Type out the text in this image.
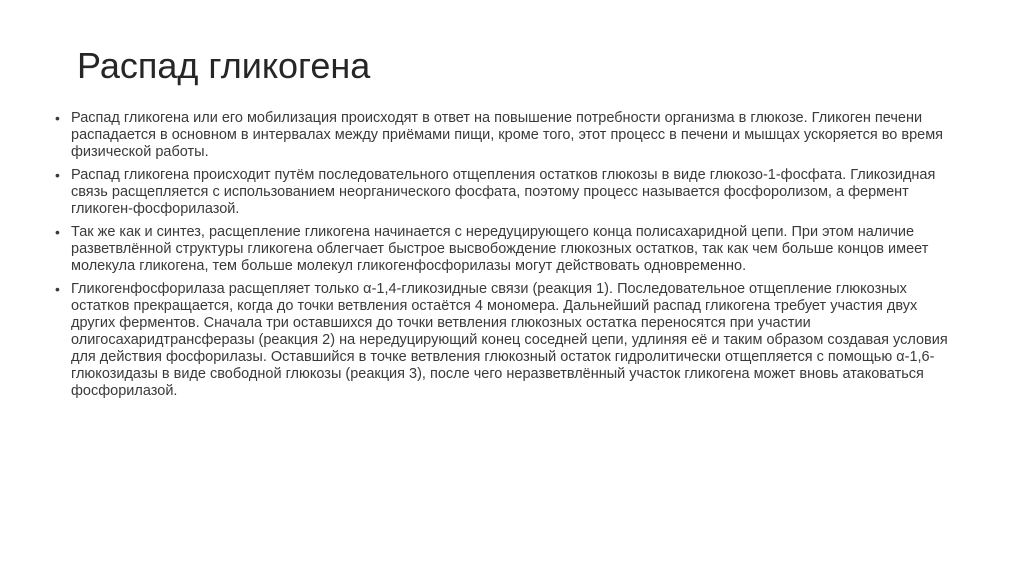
Распад гликогена
• Распад гликогена или его мобилизация происходят в ответ на повышение потребности организма в глюкозе. Гликоген печени распадается в основном в интервалах между приёмами пищи, кроме того, этот процесс в печени и мышцах ускоряется во время физической работы.
• Распад гликогена происходит путём последовательного отщепления остатков глюкозы в виде глюкозо-1-фосфата. Гликозидная связь расщепляется с использованием неорганического фосфата, поэтому процесс называется фосфоролизом, а фермент гликоген-фосфорилазой.
• Так же как и синтез, расщепление гликогена начинается с нередуцирующего конца полисахаридной цепи. При этом наличие разветвлённой структуры гликогена облегчает быстрое высвобождение глюкозных остатков, так как чем больше концов имеет молекула гликогена, тем больше молекул гликогенфосфорилазы могут действовать одновременно.
• Гликогенфосфорилаза расщепляет только α-1,4-гликозидные связи (реакция 1). Последовательное отщепление глюкозных остатков прекращается, когда до точки ветвления остаётся 4 мономера. Дальнейший распад гликогена требует участия двух других ферментов. Сначала три оставшихся до точки ветвления глюкозных остатка переносятся при участии олигосахаридтрансферазы (реакция 2) на нередуцирующий конец соседней цепи, удлиняя её и таким образом создавая условия для действия фосфорилазы. Оставшийся в точке ветвления глюкозный остаток гидролитически отщепляется с помощью α-1,6-глюкозидазы в виде свободной глюкозы (реакция 3), после чего неразветвлённый участок гликогена может вновь атаковаться фосфорилазой.
